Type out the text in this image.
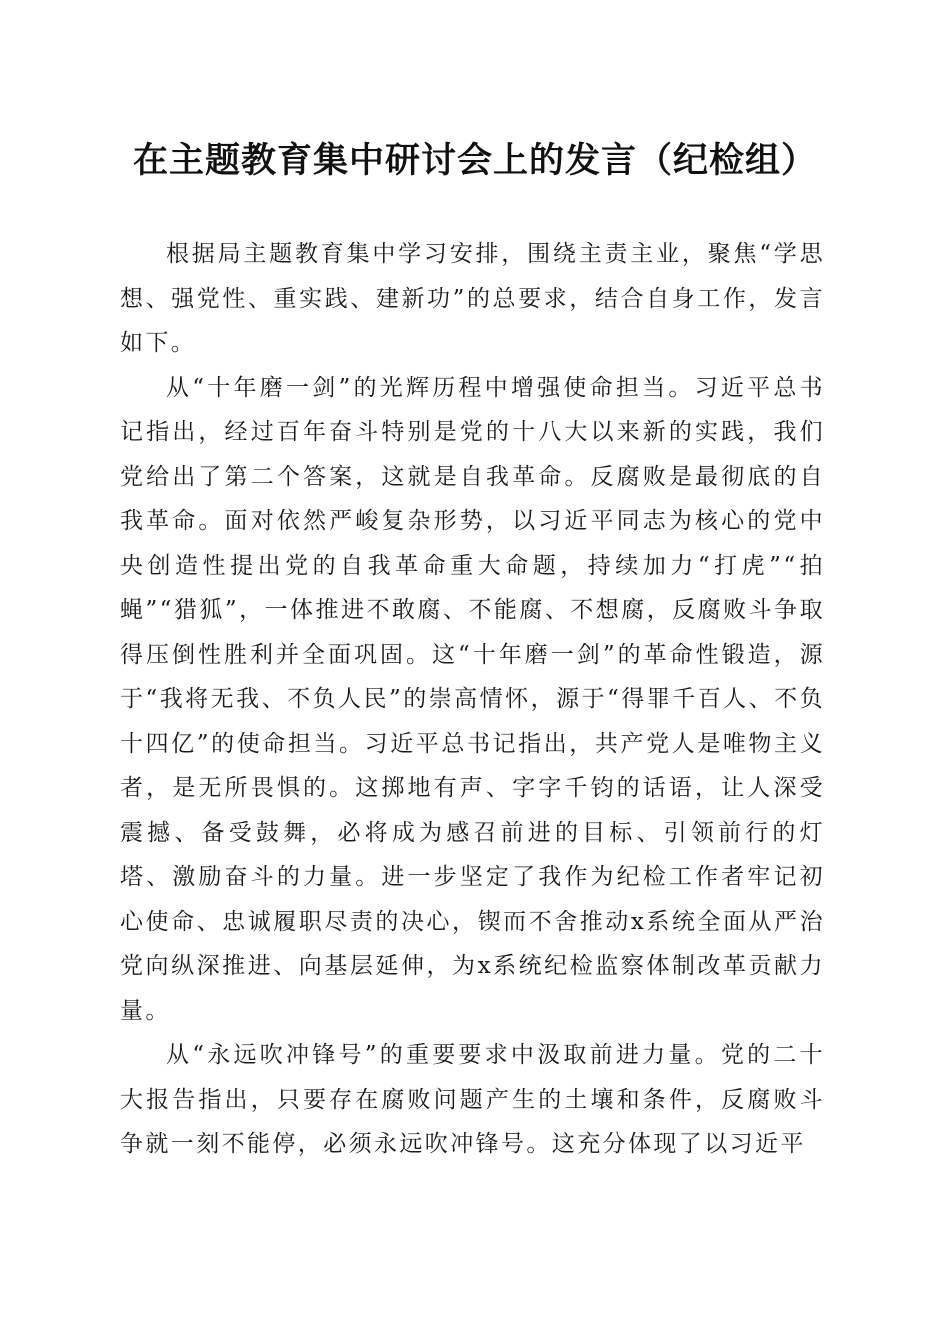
在主题教育集中研讨会上的发言（纪检组）

根据局主题教育集中学习安排，围绕主责主业，聚焦“学思想、强党性、重实践、建新功”的总要求，结合自身工作，发言如下。

从“十年磨一剑”的光辉历程中增强使命担当。习近平总书记指出，经过百年奋斗特别是党的十八大以来新的实践，我们党给出了第二个答案，这就是自我革命。反腐败是最彻底的自我革命。面对依然严峻复杂形势，以习近平同志为核心的党中央创造性提出党的自我革命重大命题，持续加力“打虎”“拍蝇”“猎狐”，一体推进不敢腐、不能腐、不想腐，反腐败斗争取得压倒性胜利并全面巩固。这“十年磨一剑”的革命性锻造，源于“我将无我、不负人民”的崇高情怀，源于“得罪千百人、不负十四亿”的使命担当。习近平总书记指出，共产党人是唯物主义者，是无所畏惧的。这掷地有声、字字千钧的话语，让人深受震撼、备受鼓舞，必将成为感召前进的目标、引领前行的灯塔、激励奋斗的力量。进一步坚定了我作为纪检工作者牢记初心使命、忠诚履职尽责的决心，锲而不舍推动x系统全面从严治党向纵深推进、向基层延伸，为x系统纪检监察体制改革贡献力量。

从“永远吹冲锋号”的重要要求中汲取前进力量。党的二十大报告指出，只要存在腐败问题产生的土壤和条件，反腐败斗争就一刻不能停，必须永远吹冲锋号。这充分体现了以习近平
